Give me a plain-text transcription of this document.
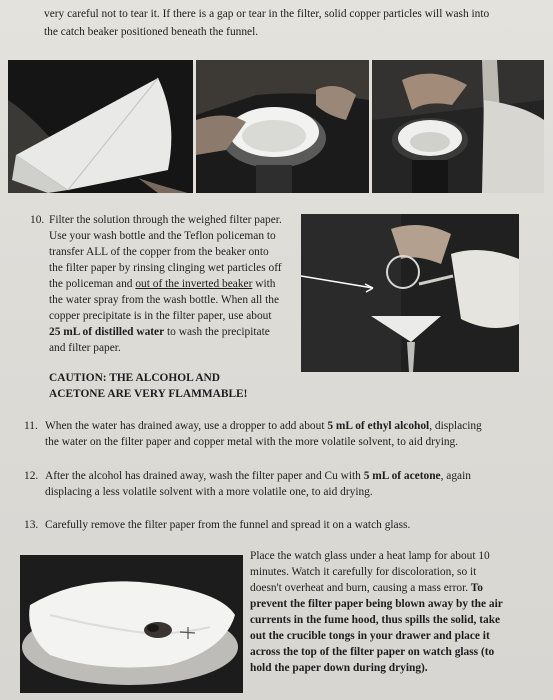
very careful not to tear it. If there is a gap or tear in the filter, solid copper particles will wash into

the catch beaker positioned beneath the funnel.

10. Filter the solution through the weighed filter paper.

Use your wash bottle and the Teflon policeman to

transfer ALL of the copper from the beaker onto

the filter paper by rinsing clinging wet particles off

the policeman and out of the inverted beaker with

the water spray from the wash bottle. When all the

copper precipitate is in the filter paper, use about

25 mL of distilled water to wash the precipitate

and filter paper.

CAUTION: THE ALCOHOL AND

ACETONE ARE VERY FLAMMABLE!

11. When the water has drained away, use a dropper to add about 5 mL of ethyl alcohol, displacing

the water on the filter paper and copper metal with the more volatile solvent, to aid drying.

12. After the alcohol has drained away, wash the filter paper and Cu with 5 mL of acetone, again

displacing a less volatile solvent with a more volatile one, to aid drying.

13. Carefully remove the filter paper from the funnel and spread it on a watch glass.

Place the watch glass under a heat lamp for about 10

minutes. Watch it carefully for discoloration, so it

doesn't overheat and burn, causing a mass error. To

prevent the filter paper being blown away by the air

currents in the fume hood, thus spills the solid, take

out the crucible tongs in your drawer and place it

across the top of the filter paper on watch glass (to

hold the paper down during drying).
